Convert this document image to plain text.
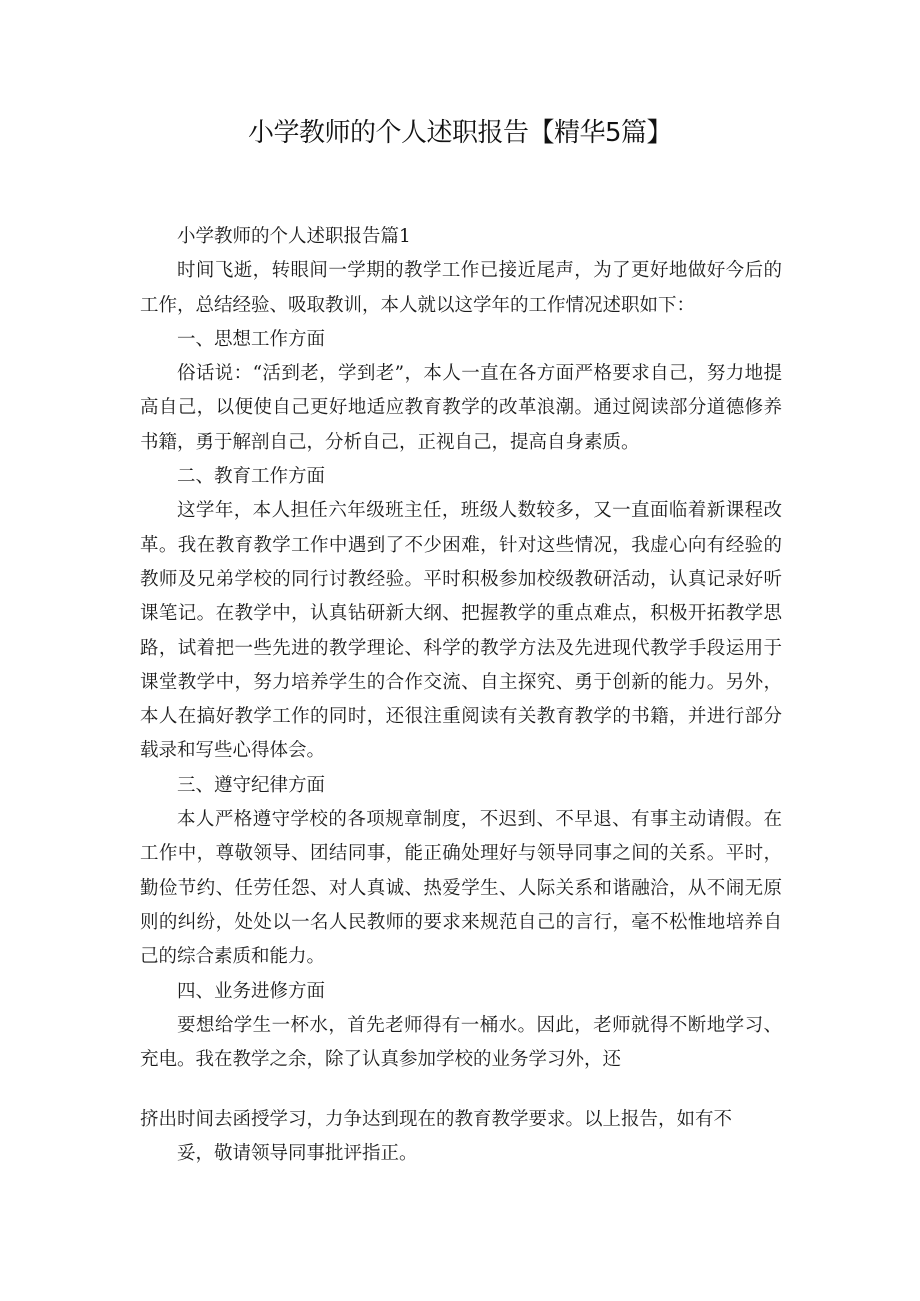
小学教师的个人述职报告【精华5篇】

小学教师的个人述职报告篇1

时间飞逝，转眼间一学期的教学工作已接近尾声，为了更好地做好今后的工作，总结经验、吸取教训，本人就以这学年的工作情况述职如下：

一、思想工作方面

俗话说：“活到老，学到老”，本人一直在各方面严格要求自己，努力地提高自己，以便使自己更好地适应教育教学的改革浪潮。通过阅读部分道德修养书籍，勇于解剖自己，分析自己，正视自己，提高自身素质。

二、教育工作方面

这学年，本人担任六年级班主任，班级人数较多，又一直面临着新课程改革。我在教育教学工作中遇到了不少困难，针对这些情况，我虚心向有经验的教师及兄弟学校的同行讨教经验。平时积极参加校级教研活动，认真记录好听课笔记。在教学中，认真钻研新大纲、把握教学的重点难点，积极开拓教学思路，试着把一些先进的教学理论、科学的教学方法及先进现代教学手段运用于课堂教学中，努力培养学生的合作交流、自主探究、勇于创新的能力。另外，本人在搞好教学工作的同时，还很注重阅读有关教育教学的书籍，并进行部分载录和写些心得体会。

三、遵守纪律方面

本人严格遵守学校的各项规章制度，不迟到、不早退、有事主动请假。在工作中，尊敬领导、团结同事，能正确处理好与领导同事之间的关系。平时，勤俭节约、任劳任怨、对人真诚、热爱学生、人际关系和谐融洽，从不闹无原则的纠纷，处处以一名人民教师的要求来规范自己的言行，毫不松惟地培养自己的综合素质和能力。

四、业务进修方面

要想给学生一杯水，首先老师得有一桶水。因此，老师就得不断地学习、充电。我在教学之余，除了认真参加学校的业务学习外，还

挤出时间去函授学习，力争达到现在的教育教学要求。以上报告，如有不

妥，敬请领导同事批评指正。
